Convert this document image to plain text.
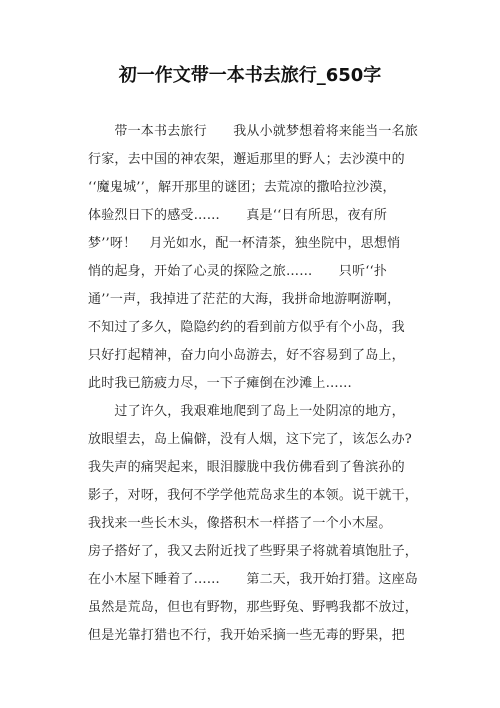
初一作文带一本书去旅行_650字
　　带一本书去旅行　　我从小就梦想着将来能当一名旅
行家，去中国的神农架，邂逅那里的野人；去沙漠中的
‘‘魔鬼城’’，解开那里的谜团；去荒凉的撒哈拉沙漠，
体验烈日下的感受……　　真是‘‘日有所思，夜有所
梦’’呀！　月光如水，配一杯清茶，独坐院中，思想悄
悄的起身，开始了心灵的探险之旅……　　只听‘‘扑
通’’一声，我掉进了茫茫的大海，我拼命地游啊游啊，
不知过了多久，隐隐约约的看到前方似乎有个小岛，我
只好打起精神，奋力向小岛游去，好不容易到了岛上，
此时我已筋疲力尽，一下子瘫倒在沙滩上……
　　过了许久，我艰难地爬到了岛上一处阴凉的地方，
放眼望去，岛上偏僻，没有人烟，这下完了，该怎么办?
我失声的痛哭起来，眼泪朦胧中我仿佛看到了鲁滨孙的
影子，对呀，我何不学学他荒岛求生的本领。说干就干，
我找来一些长木头，像搭积木一样搭了一个小木屋。
房子搭好了，我又去附近找了些野果子将就着填饱肚子，
在小木屋下睡着了……　　第二天，我开始打猎。这座岛
虽然是荒岛，但也有野物，那些野兔、野鸭我都不放过，
但是光靠打猎也不行，我开始采摘一些无毒的野果，把
